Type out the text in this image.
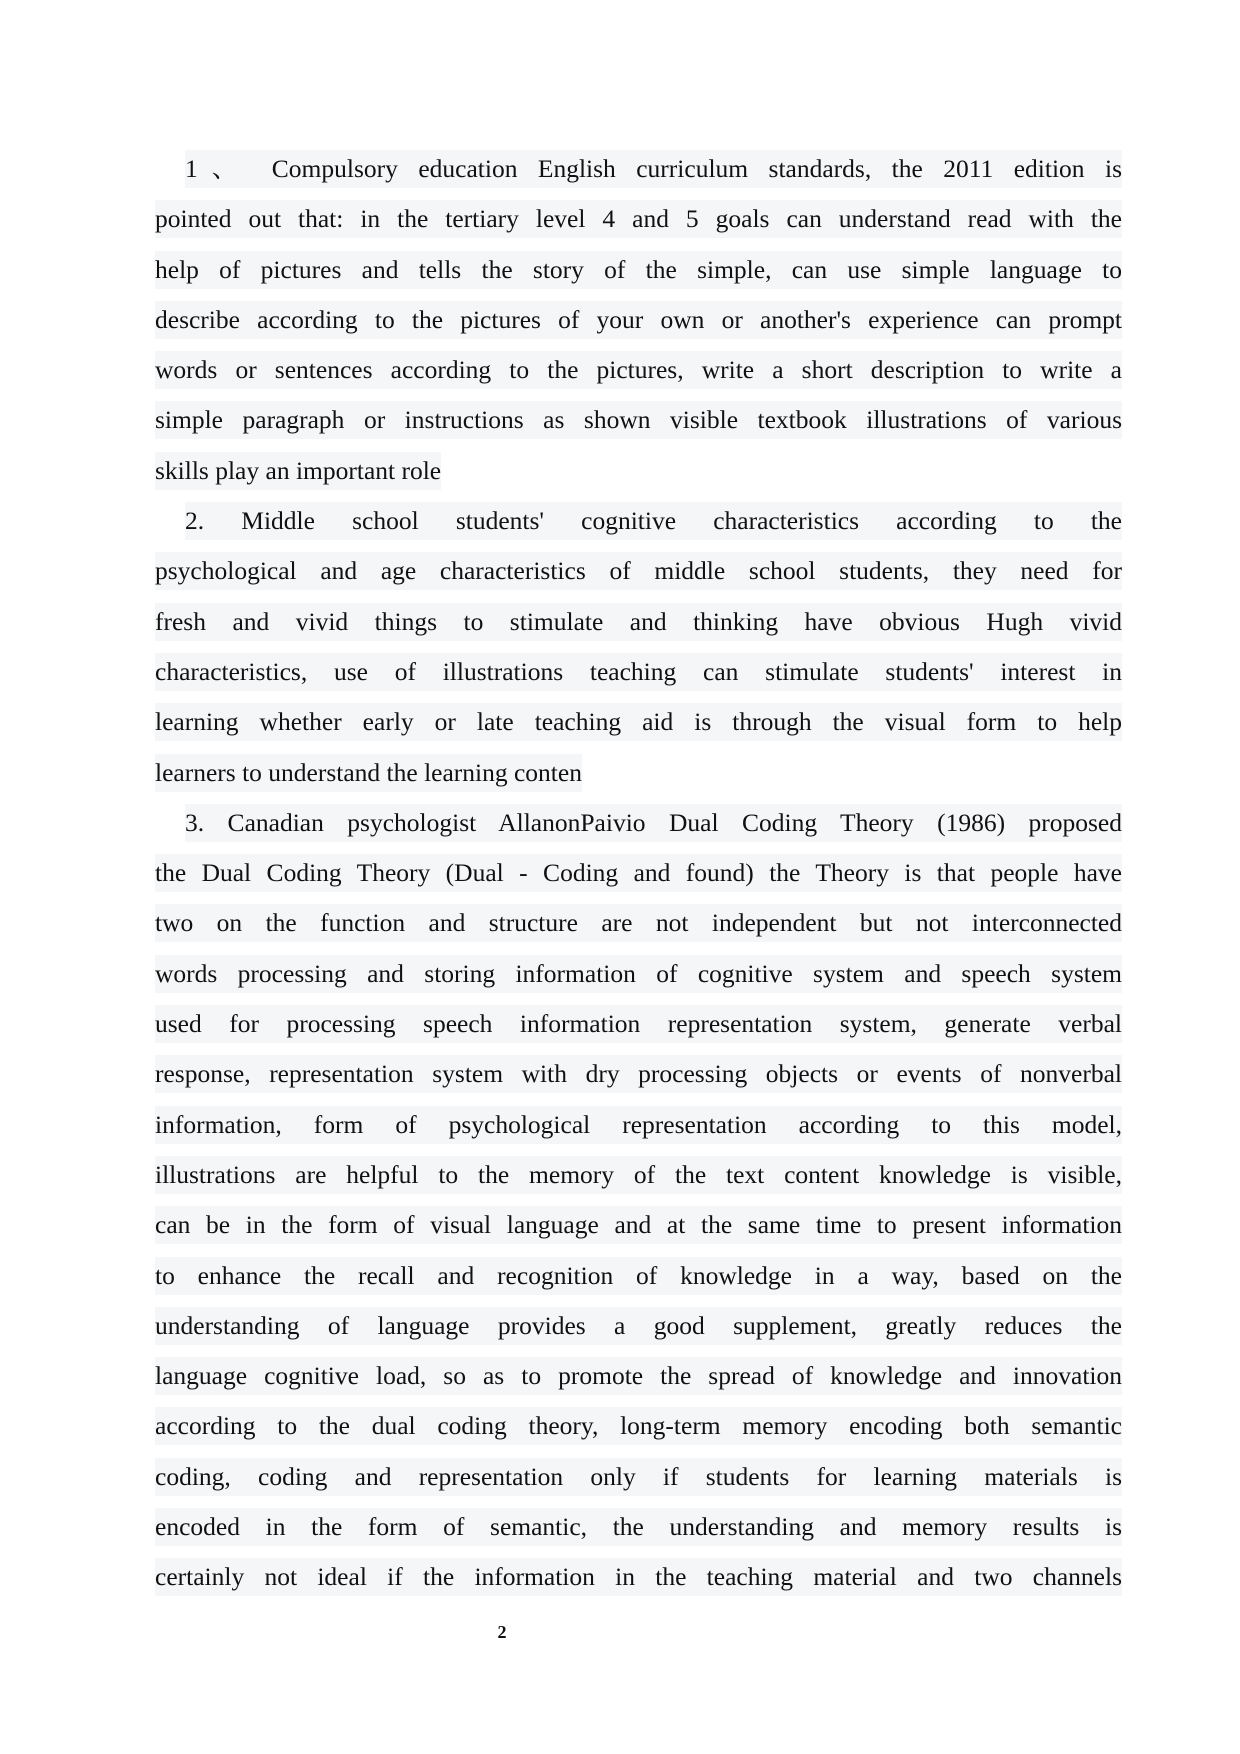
1、 Compulsory education English curriculum standards, the 2011 edition is
pointed out that: in the tertiary level 4 and 5 goals can understand read with the
help of pictures and tells the story of the simple, can use simple language to
describe according to the pictures of your own or another's experience can prompt
words or sentences according to the pictures, write a short description to write a
simple paragraph or instructions as shown visible textbook illustrations of various
skills play an important role
2. Middle school students' cognitive characteristics according to the
psychological and age characteristics of middle school students, they need for
fresh and vivid things to stimulate and thinking have obvious Hugh vivid
characteristics, use of illustrations teaching can stimulate students' interest in
learning whether early or late teaching aid is through the visual form to help
learners to understand the learning conten
3. Canadian psychologist AllanonPaivio Dual Coding Theory (1986) proposed
the Dual Coding Theory (Dual - Coding and found) the Theory is that people have
two on the function and structure are not independent but not interconnected
words processing and storing information of cognitive system and speech system
used for processing speech information representation system, generate verbal
response, representation system with dry processing objects or events of nonverbal
information, form of psychological representation according to this model,
illustrations are helpful to the memory of the text content knowledge is visible,
can be in the form of visual language and at the same time to present information
to enhance the recall and recognition of knowledge in a way, based on the
understanding of language provides a good supplement, greatly reduces the
language cognitive load, so as to promote the spread of knowledge and innovation
according to the dual coding theory, long-term memory encoding both semantic
coding, coding and representation only if students for learning materials is
encoded in the form of semantic, the understanding and memory results is
certainly not ideal if the information in the teaching material and two channels
2
